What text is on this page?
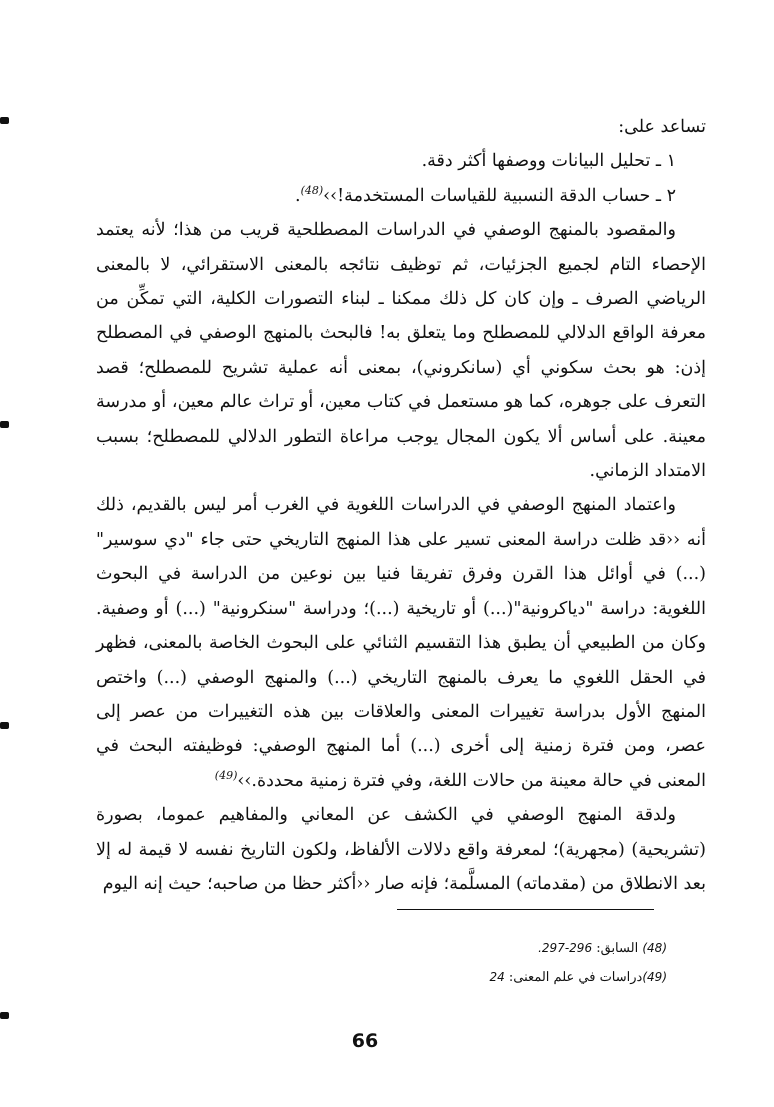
تساعد على:

١ ـ تحليل البيانات ووصفها أكثر دقة.

٢ ـ حساب الدقة النسبية للقياسات المستخدمة!››$^{(48)}$.

والمقصود بالمنهج الوصفي في الدراسات المصطلحية قريب من هذا؛ لأنه يعتمد الإحصاء التام لجميع الجزئيات، ثم توظيف نتائجه بالمعنى الاستقرائي، لا بالمعنى الرياضي الصرف ـ وإن كان كل ذلك ممكنا ـ لبناء التصورات الكلية، التي تمكِّن من معرفة الواقع الدلالي للمصطلح وما يتعلق به! فالبحث بالمنهج الوصفي في المصطلح إذن: هو بحث سكوني أي (سانكروني)، بمعنى أنه عملية تشريح للمصطلح؛ قصد التعرف على جوهره، كما هو مستعمل في كتاب معين، أو تراث عالم معين، أو مدرسة معينة. على أساس ألا يكون المجال يوجب مراعاة التطور الدلالي للمصطلح؛ بسبب الامتداد الزماني.

واعتماد المنهج الوصفي في الدراسات اللغوية في الغرب أمر ليس بالقديم، ذلك أنه ‹‹قد ظلت دراسة المعنى تسير على هذا المنهج التاريخي حتى جاء "دي سوسير"(...) في أوائل هذا القرن وفرق تفريقا فنيا بين نوعين من الدراسة في البحوث اللغوية: دراسة "دياكرونية"(...) أو تاريخية (...)؛ ودراسة "سنكرونية" (...) أو وصفية. وكان من الطبيعي أن يطبق هذا التقسيم الثنائي على البحوث الخاصة بالمعنى، فظهر في الحقل اللغوي ما يعرف بالمنهج التاريخي (...) والمنهج الوصفي (...) واختص المنهج الأول بدراسة تغييرات المعنى والعلاقات بين هذه التغييرات من عصر إلى عصر، ومن فترة زمنية إلى أخرى (...) أما المنهج الوصفي: فوظيفته البحث في المعنى في حالة معينة من حالات اللغة، وفي فترة زمنية محددة.››$^{(49)}$

ولدقة المنهج الوصفي في الكشف عن المعاني والمفاهيم عموما، بصورة (تشريحية) (مجهرية)؛ لمعرفة واقع دلالات الألفاظ، ولكون التاريخ نفسه لا قيمة له إلا بعد الانطلاق من (مقدماته) المسلَّمة؛ فإنه صار ‹‹أكثر حظا من صاحبه؛ حيث إنه اليوم

(48) السابق: 296-297.

(49)دراسات في علم المعنى: 24

66
